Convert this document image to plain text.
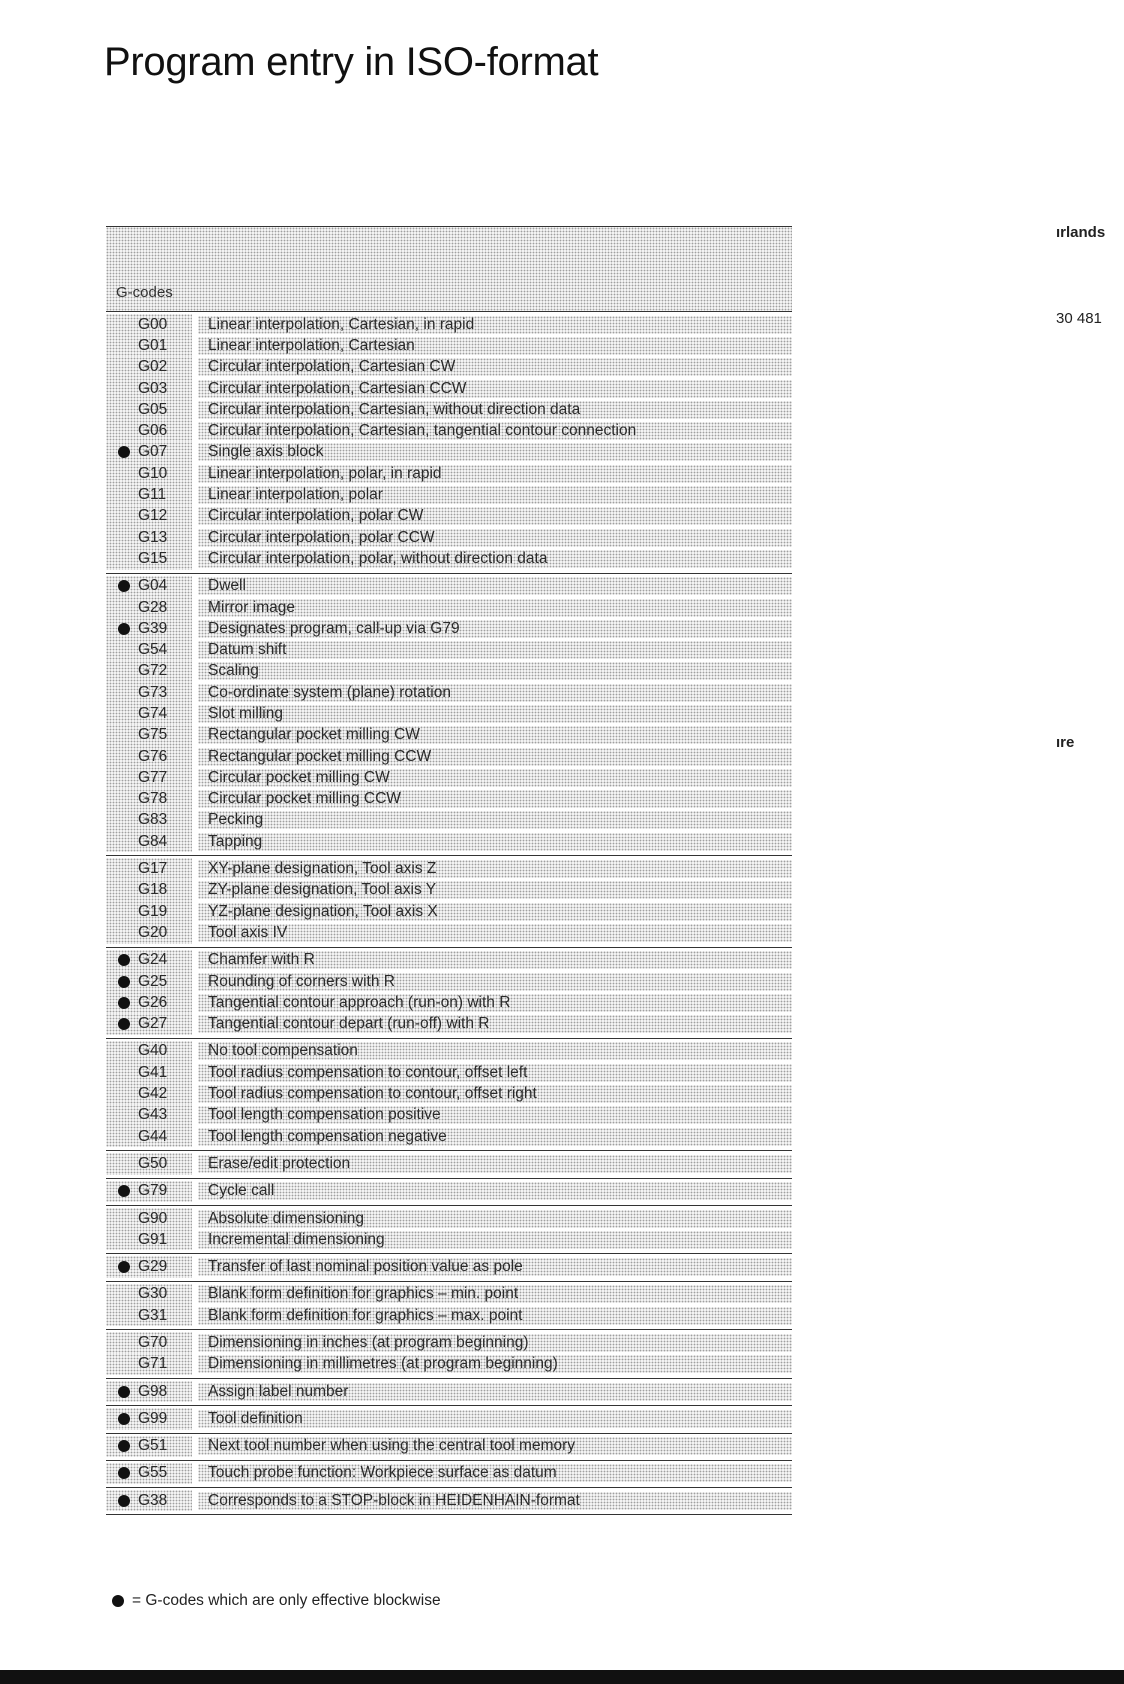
Program entry in ISO-format
ırlands
30 481
ıre
G-codes
G00	Linear interpolation, Cartesian, in rapid
G01	Linear interpolation, Cartesian
G02	Circular interpolation, Cartesian CW
G03	Circular interpolation, Cartesian CCW
G05	Circular interpolation, Cartesian, without direction data
G06	Circular interpolation, Cartesian, tangential contour connection
G07	Single axis block
G10	Linear interpolation, polar, in rapid
G11	Linear interpolation, polar
G12	Circular interpolation, polar CW
G13	Circular interpolation, polar CCW
G15	Circular interpolation, polar, without direction data
G04	Dwell
G28	Mirror image
G39	Designates program, call-up via G79
G54	Datum shift
G72	Scaling
G73	Co-ordinate system (plane) rotation
G74	Slot milling
G75	Rectangular pocket milling CW
G76	Rectangular pocket milling CCW
G77	Circular pocket milling CW
G78	Circular pocket milling CCW
G83	Pecking
G84	Tapping
G17	XY-plane designation, Tool axis Z
G18	ZY-plane designation, Tool axis Y
G19	YZ-plane designation, Tool axis X
G20	Tool axis IV
G24	Chamfer with R
G25	Rounding of corners with R
G26	Tangential contour approach (run-on) with R
G27	Tangential contour depart (run-off) with R
G40	No tool compensation
G41	Tool radius compensation to contour, offset left
G42	Tool radius compensation to contour, offset right
G43	Tool length compensation positive
G44	Tool length compensation negative
G50	Erase/edit protection
G79	Cycle call
G90	Absolute dimensioning
G91	Incremental dimensioning
G29	Transfer of last nominal position value as pole
G30	Blank form definition for graphics – min. point
G31	Blank form definition for graphics – max. point
G70	Dimensioning in inches (at program beginning)
G71	Dimensioning in millimetres (at program beginning)
G98	Assign label number
G99	Tool definition
G51	Next tool number when using the central tool memory
G55	Touch probe function: Workpiece surface as datum
G38	Corresponds to a STOP-block in HEIDENHAIN-format
= G-codes which are only effective blockwise
